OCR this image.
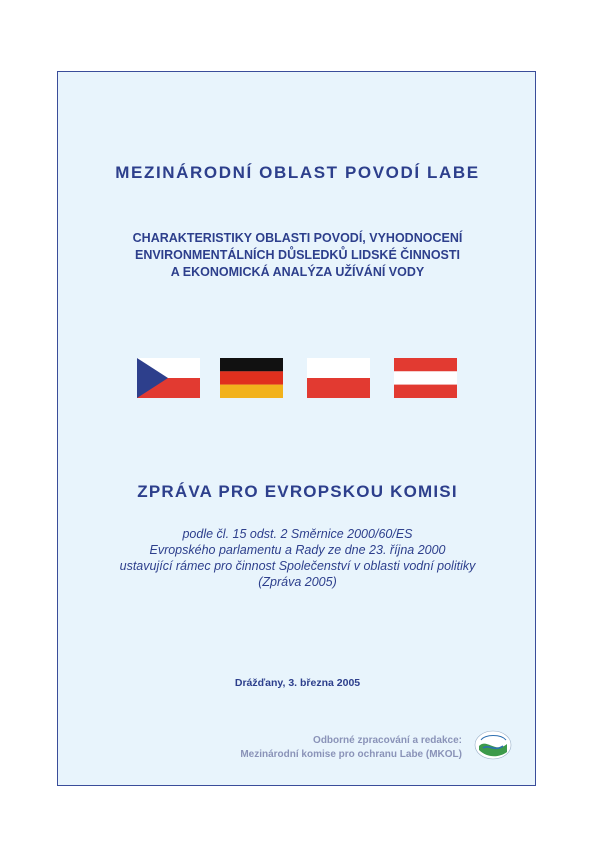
MEZINÁRODNÍ OBLAST POVODÍ LABE
CHARAKTERISTIKY OBLASTI POVODÍ, VYHODNOCENÍ
ENVIRONMENTÁLNÍCH DŮSLEDKŮ LIDSKÉ ČINNOSTI
A EKONOMICKÁ ANALÝZA UŽÍVÁNÍ VODY
ZPRÁVA PRO EVROPSKOU KOMISI
podle čl. 15 odst. 2 Směrnice 2000/60/ES
Evropského parlamentu a Rady ze dne 23. října 2000
ustavující rámec pro činnost Společenství v oblasti vodní politiky
(Zpráva 2005)
Drážďany, 3. března 2005
Odborné zpracování a redakce:
Mezinárodní komise pro ochranu Labe (MKOL)
